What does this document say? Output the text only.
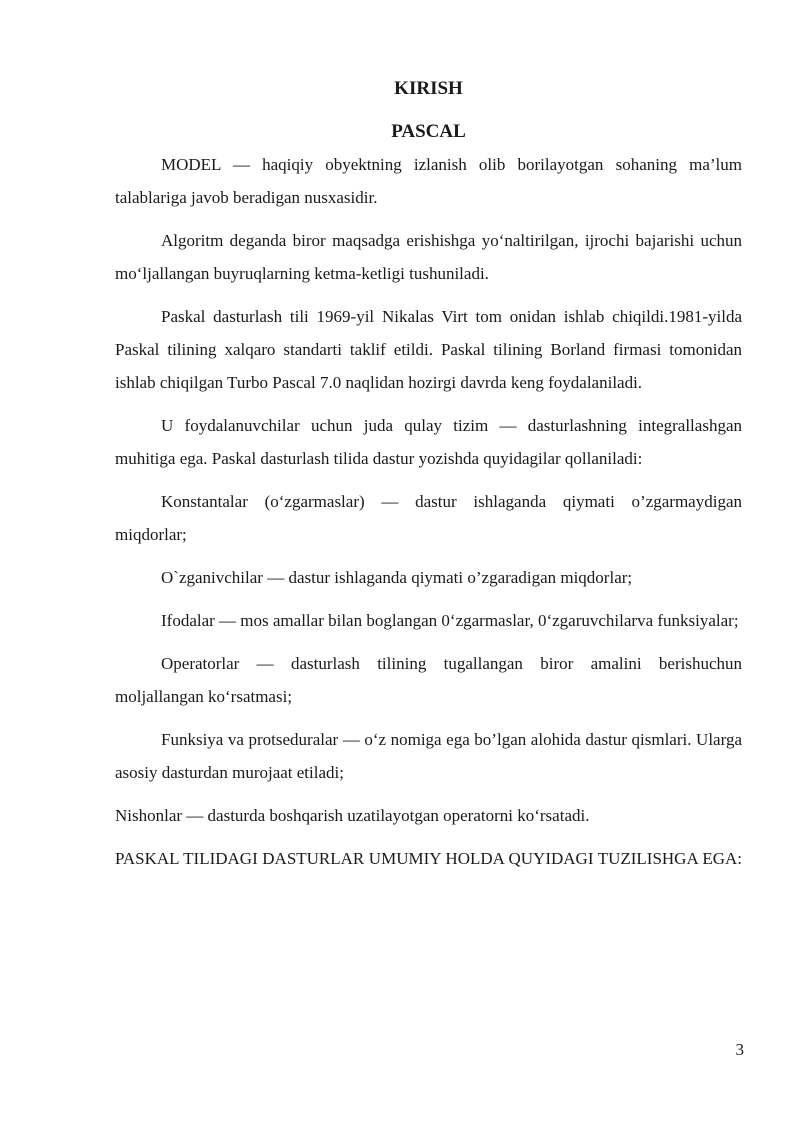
KIRISH

PASCAL

MODEL — haqiqiy obyektning izlanish olib borilayotgan sohaning ma’lum talablariga javob beradigan nusxasidir.

Algoritm deganda biror maqsadga erishishga yoʻnaltirilgan, ijrochi bajarishi uchun moʻljallangan buyruqlarning ketma-ketligi tushuniladi.

Paskal dasturlash tili 1969-yil Nikalas Virt tom onidan ishlab chiqildi.1981-yilda Paskal tilining xalqaro standarti taklif etildi. Paskal tilining Borland firmasi tomonidan ishlab chiqilgan Turbo Pascal 7.0 naqlidan hozirgi davrda keng foydalaniladi.

U foydalanuvchilar uchun juda qulay tizim — dasturlashning integrallashgan muhitiga ega. Paskal dasturlash tilida dastur yozishda quyidagilar qollaniladi:

Konstantalar (oʻzgarmaslar) — dastur ishlaganda qiymati o’zgarmaydigan miqdorlar;

O`zganivchilar — dastur ishlaganda qiymati o’zgaradigan miqdorlar;

Ifodalar — mos amallar bilan boglangan 0ʻzgarmaslar, 0ʻzgaruvchilarva funksiyalar;

Operatorlar — dasturlash tilining tugallangan biror amalini berishuchun moljallangan koʻrsatmasi;

Funksiya va protseduralar — oʻz nomiga ega bo’lgan alohida dastur qismlari. Ularga asosiy dasturdan murojaat etiladi;

Nishonlar — dasturda boshqarish uzatilayotgan operatorni koʻrsatadi.

PASKAL TILIDAGI DASTURLAR UMUMIY HOLDA QUYIDAGI TUZILISHGA EGA:

3
